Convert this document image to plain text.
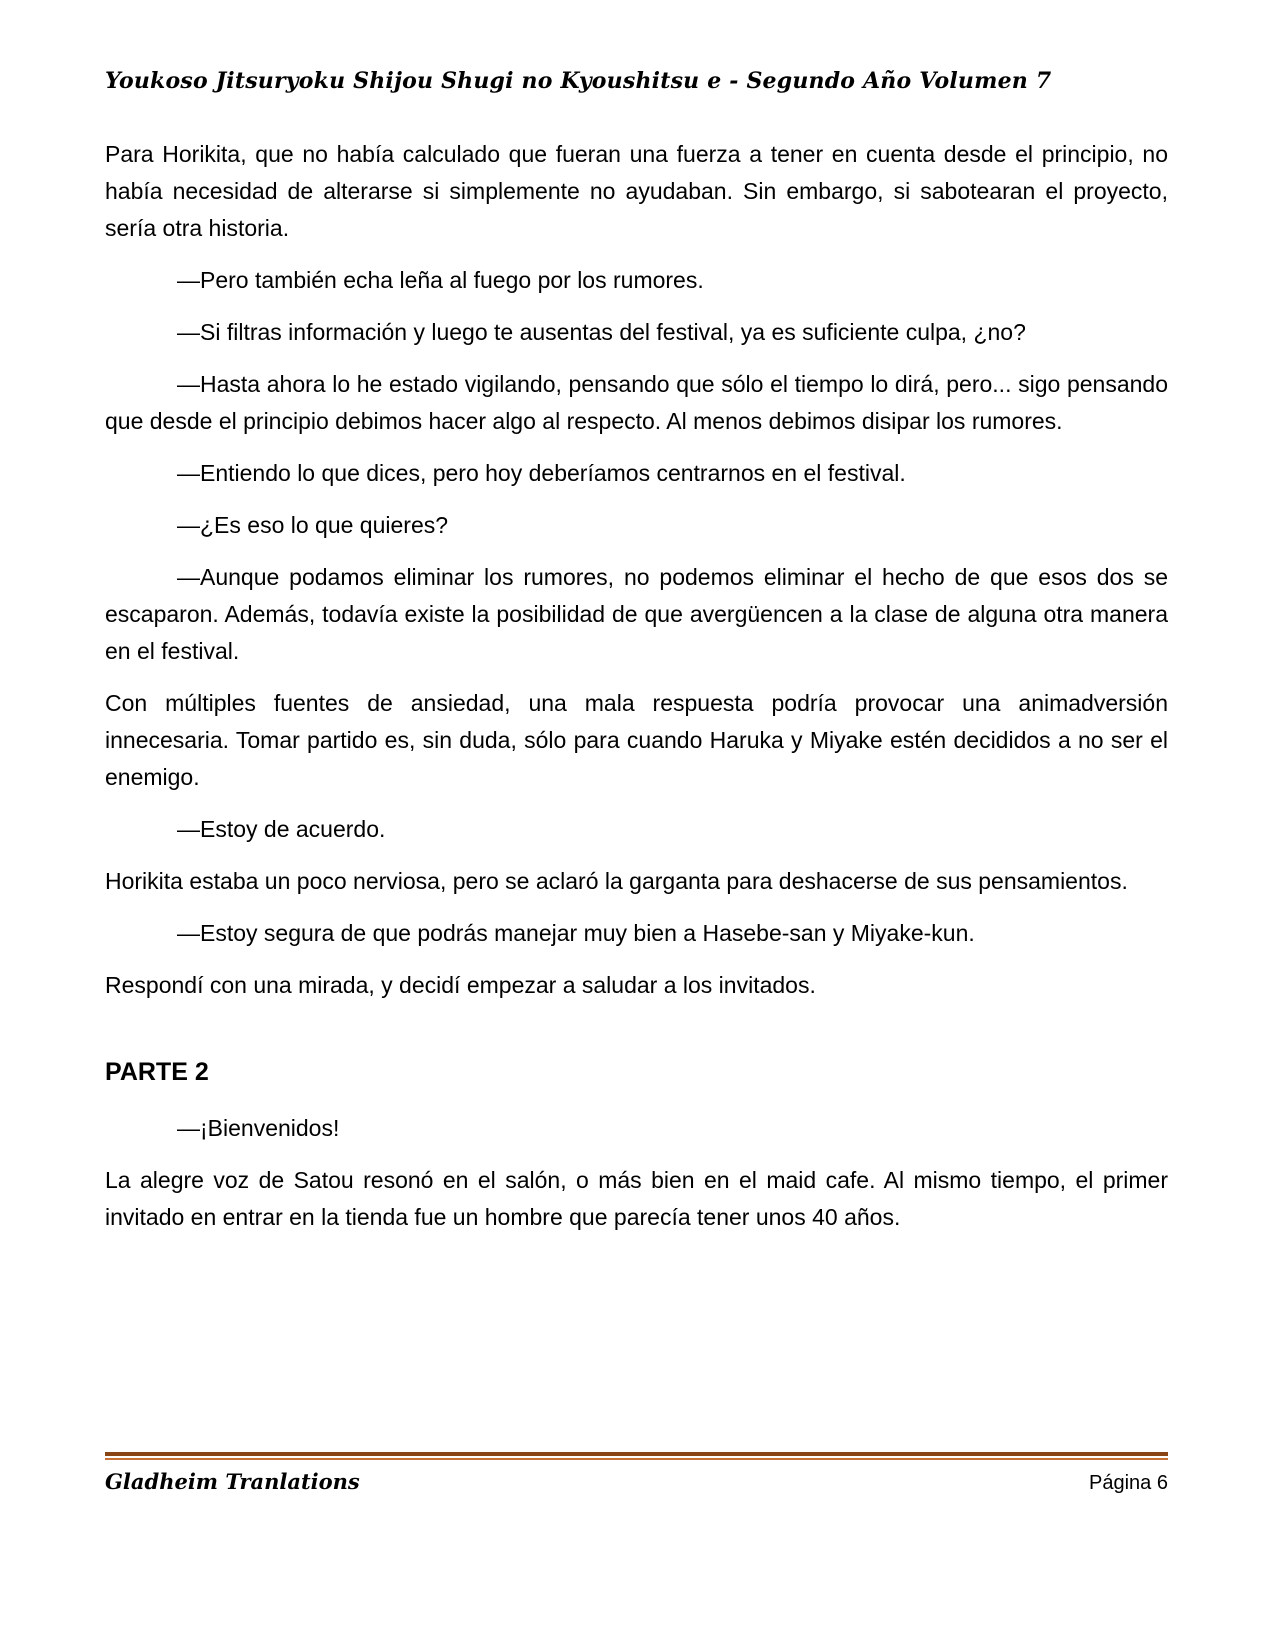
Youkoso Jitsuryoku Shijou Shugi no Kyoushitsu e - Segundo Año Volumen 7

Para Horikita, que no había calculado que fueran una fuerza a tener en cuenta desde el principio, no había necesidad de alterarse si simplemente no ayudaban. Sin embargo, si sabotearan el proyecto, sería otra historia.

—Pero también echa leña al fuego por los rumores.

—Si filtras información y luego te ausentas del festival, ya es suficiente culpa, ¿no?

—Hasta ahora lo he estado vigilando, pensando que sólo el tiempo lo dirá, pero... sigo pensando que desde el principio debimos hacer algo al respecto. Al menos debimos disipar los rumores.

—Entiendo lo que dices, pero hoy deberíamos centrarnos en el festival.

—¿Es eso lo que quieres?

—Aunque podamos eliminar los rumores, no podemos eliminar el hecho de que esos dos se escaparon. Además, todavía existe la posibilidad de que avergüencen a la clase de alguna otra manera en el festival.

Con múltiples fuentes de ansiedad, una mala respuesta podría provocar una animadversión innecesaria. Tomar partido es, sin duda, sólo para cuando Haruka y Miyake estén decididos a no ser el enemigo.

—Estoy de acuerdo.

Horikita estaba un poco nerviosa, pero se aclaró la garganta para deshacerse de sus pensamientos.

—Estoy segura de que podrás manejar muy bien a Hasebe-san y Miyake-kun.

Respondí con una mirada, y decidí empezar a saludar a los invitados.

PARTE 2

—¡Bienvenidos!

La alegre voz de Satou resonó en el salón, o más bien en el maid cafe. Al mismo tiempo, el primer invitado en entrar en la tienda fue un hombre que parecía tener unos 40 años.

Gladheim Tranlations	Página 6
